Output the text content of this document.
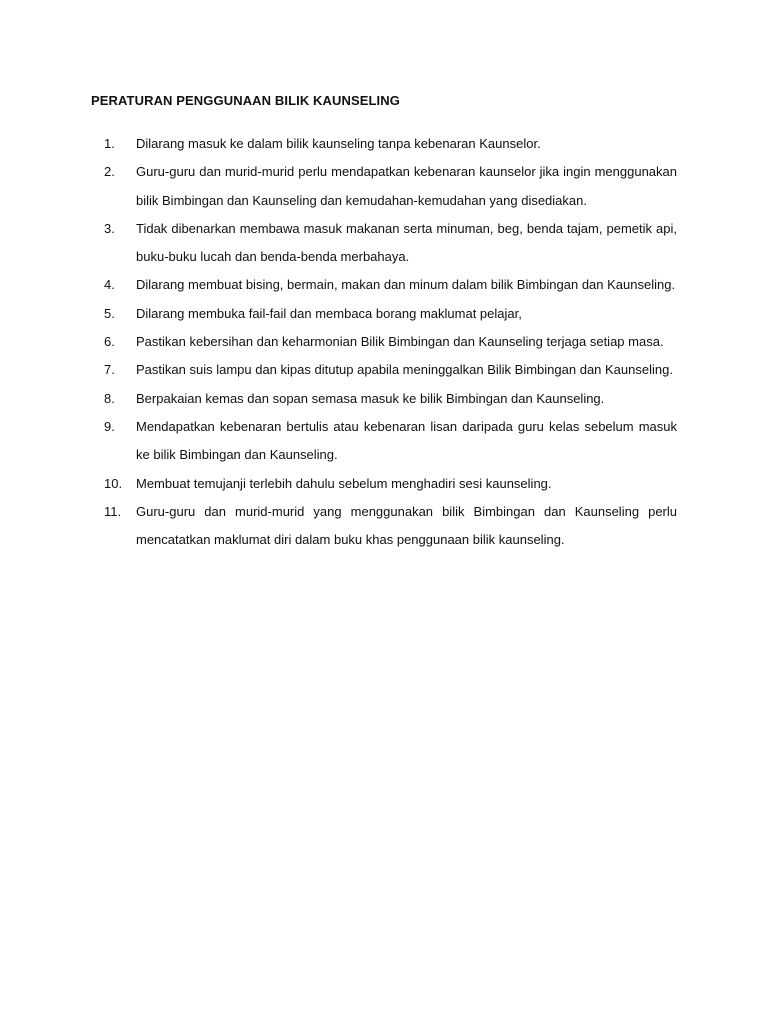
PERATURAN PENGGUNAAN BILIK KAUNSELING
1.	Dilarang masuk ke dalam bilik kaunseling tanpa kebenaran Kaunselor.
2.	Guru-guru dan murid-murid perlu mendapatkan kebenaran kaunselor jika ingin menggunakan bilik Bimbingan dan Kaunseling dan kemudahan-kemudahan yang disediakan.
3.	Tidak dibenarkan membawa masuk makanan serta minuman, beg, benda tajam, pemetik api, buku-buku lucah dan benda-benda merbahaya.
4.	Dilarang membuat bising, bermain, makan dan minum dalam bilik Bimbingan dan Kaunseling.
5.	Dilarang membuka fail-fail dan membaca borang maklumat pelajar,
6.	Pastikan kebersihan dan keharmonian Bilik Bimbingan dan Kaunseling terjaga setiap masa.
7.	Pastikan suis lampu dan kipas ditutup apabila meninggalkan Bilik Bimbingan dan Kaunseling.
8.	Berpakaian kemas dan sopan semasa masuk ke bilik Bimbingan dan Kaunseling.
9.	Mendapatkan kebenaran bertulis atau kebenaran lisan daripada guru kelas sebelum masuk ke bilik Bimbingan dan Kaunseling.
10.	Membuat temujanji terlebih dahulu sebelum menghadiri sesi kaunseling.
11.	Guru-guru dan murid-murid yang menggunakan bilik Bimbingan dan Kaunseling perlu mencatatkan maklumat diri dalam buku khas penggunaan bilik kaunseling.
